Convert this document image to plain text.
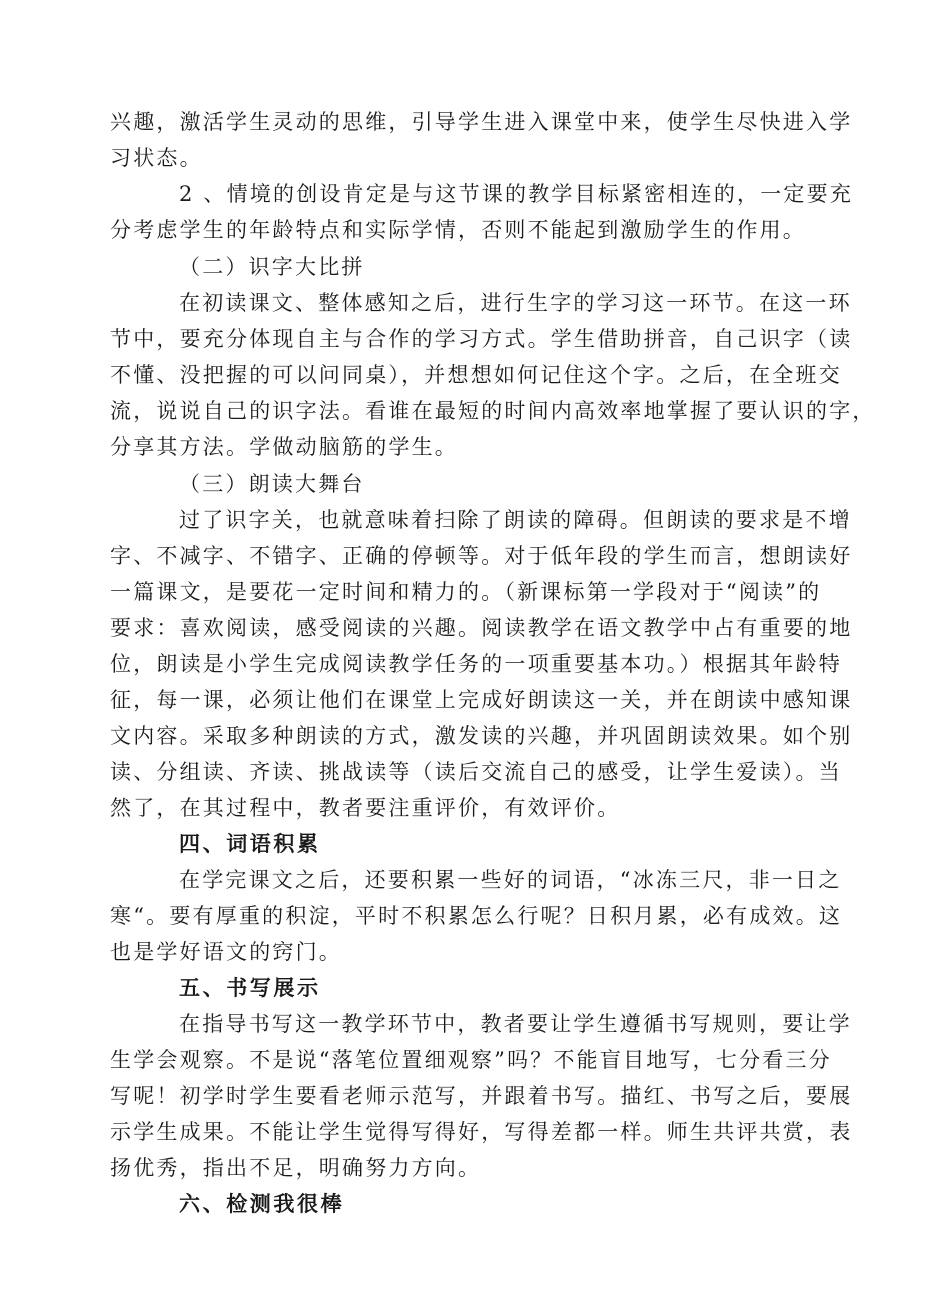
兴趣，激活学生灵动的思维，引导学生进入课堂中来，使学生尽快进入学
习状态。
2 、情境的创设肯定是与这节课的教学目标紧密相连的，一定要充
分考虑学生的年龄特点和实际学情，否则不能起到激励学生的作用。
（二）识字大比拼
在初读课文、整体感知之后，进行生字的学习这一环节。在这一环
节中，要充分体现自主与合作的学习方式。学生借助拼音，自己识字（读
不懂、没把握的可以问同桌），并想想如何记住这个字。之后，在全班交
流，说说自己的识字法。看谁在最短的时间内高效率地掌握了要认识的字，
分享其方法。学做动脑筋的学生。
（三）朗读大舞台
过了识字关，也就意味着扫除了朗读的障碍。但朗读的要求是不增
字、不减字、不错字、正确的停顿等。对于低年段的学生而言，想朗读好
一篇课文，是要花一定时间和精力的。（新课标第一学段对于“阅读”的
要求：喜欢阅读，感受阅读的兴趣。阅读教学在语文教学中占有重要的地
位，朗读是小学生完成阅读教学任务的一项重要基本功。）根据其年龄特
征，每一课，必须让他们在课堂上完成好朗读这一关，并在朗读中感知课
文内容。采取多种朗读的方式，激发读的兴趣，并巩固朗读效果。如个别
读、分组读、齐读、挑战读等（读后交流自己的感受，让学生爱读）。当
然了，在其过程中，教者要注重评价，有效评价。
四、词语积累
在学完课文之后，还要积累一些好的词语，“冰冻三尺，非一日之
寒“。要有厚重的积淀，平时不积累怎么行呢？日积月累，必有成效。这
也是学好语文的窍门。
五、书写展示
在指导书写这一教学环节中，教者要让学生遵循书写规则，要让学
生学会观察。不是说“落笔位置细观察”吗？不能盲目地写，七分看三分
写呢！初学时学生要看老师示范写，并跟着书写。描红、书写之后，要展
示学生成果。不能让学生觉得写得好，写得差都一样。师生共评共赏，表
扬优秀，指出不足，明确努力方向。
六、检测我很棒
